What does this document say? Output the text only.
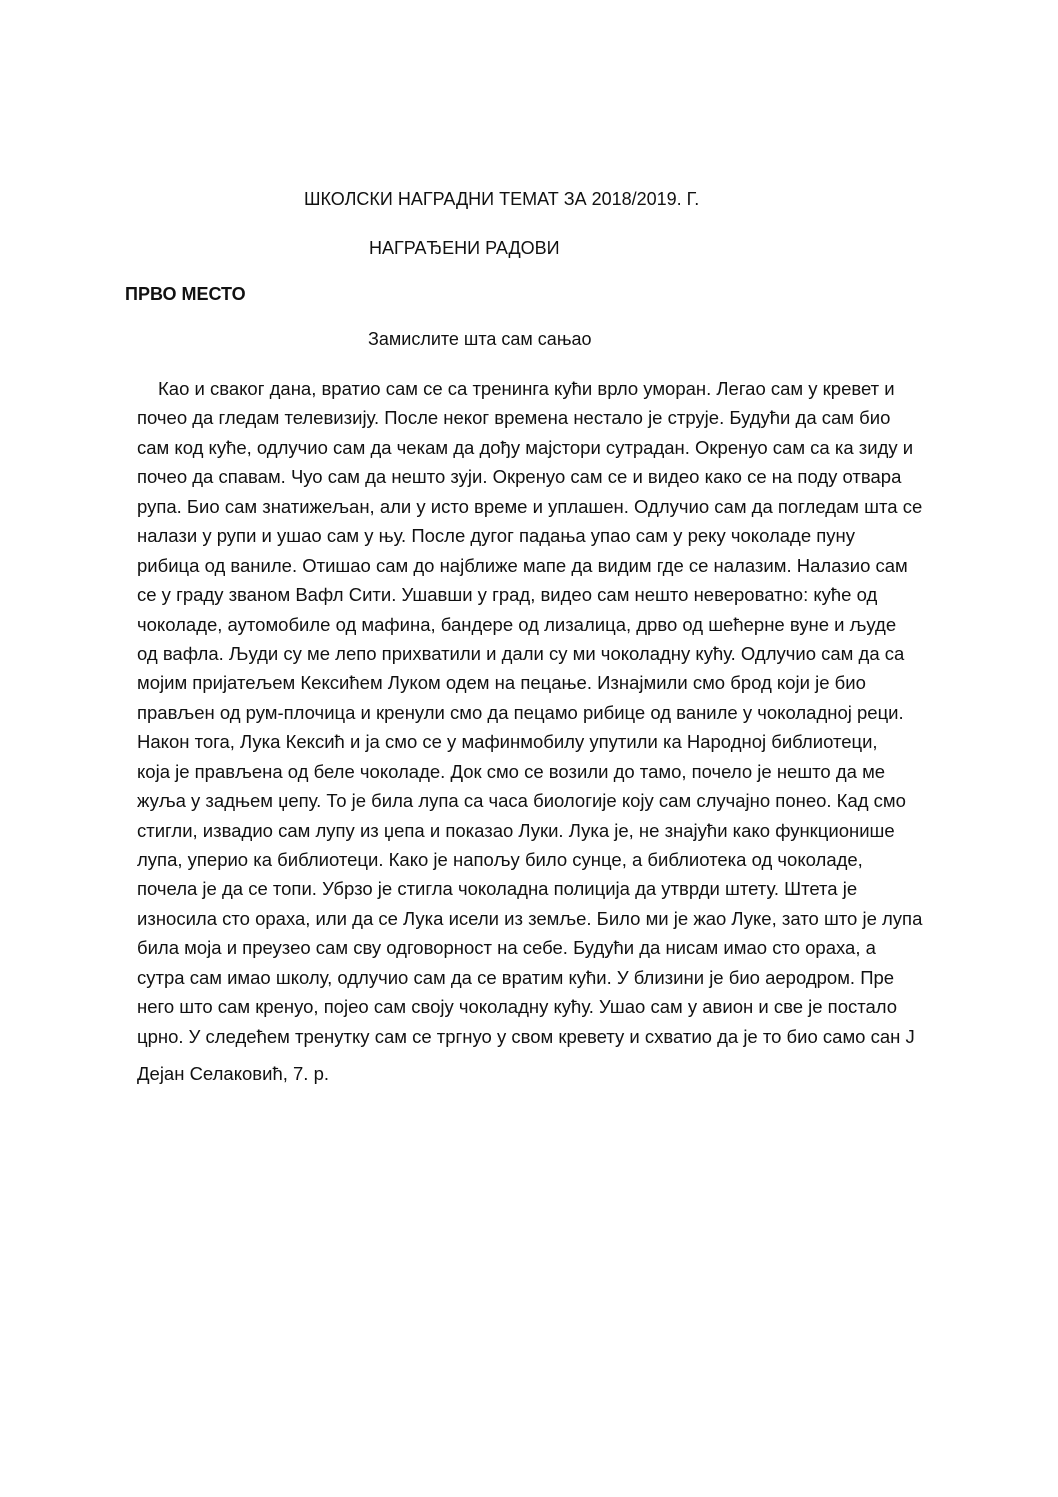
ШКОЛСКИ НАГРАДНИ ТЕМАТ ЗА 2018/2019. Г.
НАГРАЂЕНИ РАДОВИ
ПРВО МЕСТО
Замислите шта сам сањао
Као и сваког дана, вратио сам се са тренинга кући врло уморан. Легао сам у кревет и
почео да гледам телевизију. После неког времена нестало је струје. Будући да сам био
сам код куће, одлучио сам да чекам да дођу мајстори сутрадан. Окренуо сам са ка зиду и
почео да спавам. Чуо сам да нешто зуји. Окренуо сам се и видео како се на поду отвара
рупа. Био сам знатижељан, али у исто време и уплашен. Одлучио сам да погледам шта се
налази у рупи и ушао сам у њу. После дугог падања упао сам у реку чоколаде пуну
рибица од ваниле. Отишао сам до најближе мапе да видим где се налазим. Налазио сам
се у граду званом Вафл Сити. Ушавши у град, видео сам нешто невероватно: куће од
чоколаде, аутомобиле од мафина, бандере од лизалица, дрво од шећерне вуне и људе
од вафла. Људи су ме лепо прихватили и дали су ми чоколадну кућу. Одлучио сам да са
мојим пријатељем Кексићем Луком одем на пецање. Изнајмили смо брод који је био
прављен од рум-плочица и кренули смо да пецамо рибице од ваниле у чоколадној реци.
Након тога, Лука Кексић и ја смо се у мафинмобилу упутили ка Народној библиотеци,
која је прављена од беле чоколаде. Док смо се возили до тамо, почело је нешто да ме
жуља у задњем џепу. То је била лупа са часа биологије коју сам случајно понео. Кад смо
стигли, извадио сам лупу из џепа и показао Луки. Лука је, не знајући како функционише
лупа, уперио ка библиотеци. Како је напољу било сунце, а библиотека од чоколаде,
почела је да се топи. Убрзо је стигла чоколадна полиција да утврди штету. Штета је
износила сто ораха, или да се Лука исели из земље. Било ми је жао Луке, зато што је лупа
била моја и преузео сам сву одговорност на себе. Будући да нисам имао сто ораха, а
сутра сам имао школу, одлучио сам да се вратим кући. У близини је био аеродром. Пре
него што сам кренуо, појео сам своју чоколадну кућу. Ушао сам у авион и све је постало
црно. У следећем тренутку сам се тргнуо у свом кревету и схватио да је то био само сан J
Дејан Селаковић, 7. р.
